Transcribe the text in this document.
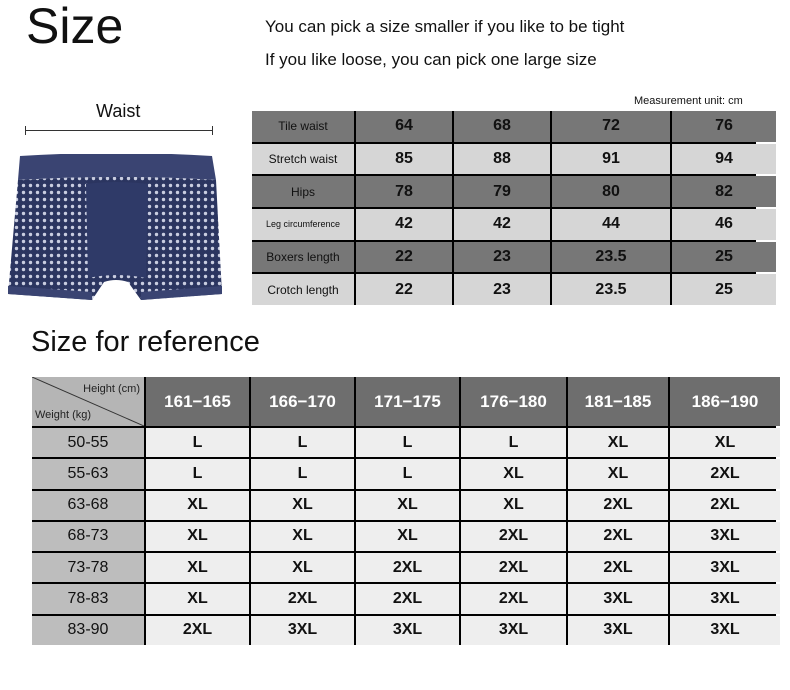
Size	You can pick a size smaller if you like to be tight
If you like loose, you can pick one large size
Waist	Measurement unit: cm
Tile waist	64	68	72	76
Stretch waist	85	88	91	94
Hips	78	79	80	82
Leg circumference	42	42	44	46
Boxers length	22	23	23.5	25
Crotch length	22	23	23.5	25
Size for reference
Height (cm)
Weight (kg)
161−165	166−170	171−175	176−180	181−185	186−190
50-55	L	L	L	L	XL	XL
55-63	L	L	L	XL	XL	2XL
63-68	XL	XL	XL	XL	2XL	2XL
68-73	XL	XL	XL	2XL	2XL	3XL
73-78	XL	XL	2XL	2XL	2XL	3XL
78-83	XL	2XL	2XL	2XL	3XL	3XL
83-90	2XL	3XL	3XL	3XL	3XL	3XL
